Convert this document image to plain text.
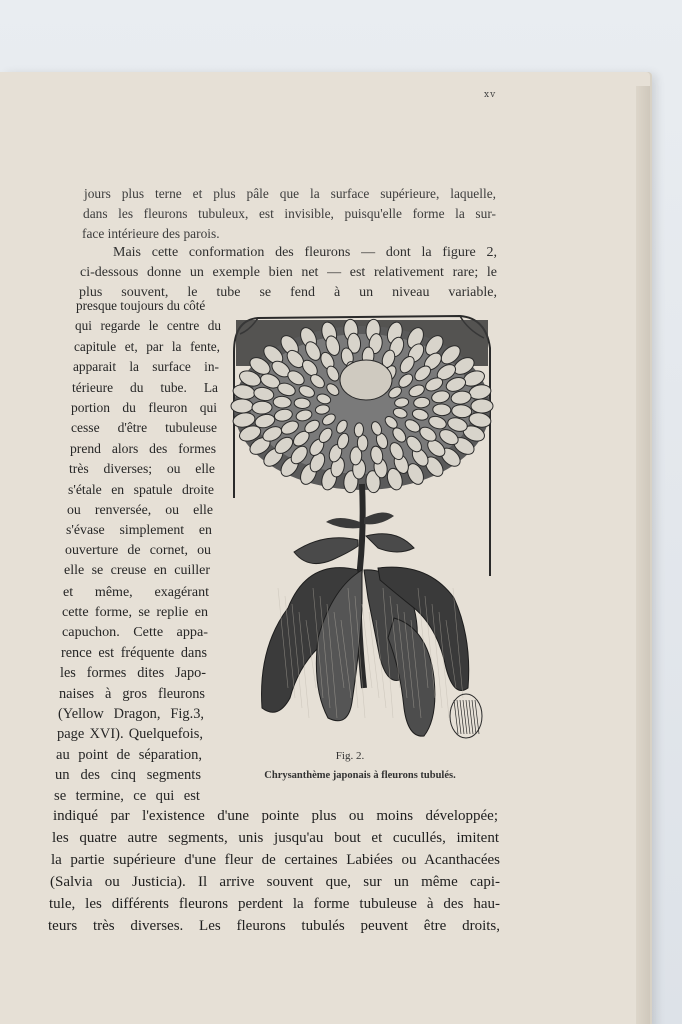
xv
jours plus terne et plus pâle que la surface supérieure, laquelle,
dans les fleurons tubuleux, est invisible, puisqu'elle forme la sur-
face intérieure des parois.
Mais cette conformation des fleurons — dont la figure 2,
ci-dessous donne un exemple bien net — est relativement rare; le
plus souvent, le tube se fend à un niveau variable,
presque toujours du côté
qui regarde le centre du
capitule et, par la fente,
apparait la surface in-
térieure du tube. La
portion du fleuron qui
cesse d'être tubuleuse
prend alors des formes
très diverses; ou elle
s'étale en spatule droite
ou renversée, ou elle
s'évase simplement en
ouverture de cornet, ou
elle se creuse en cuiller
et même, exagérant
cette forme, se replie en
capuchon. Cette appa-
rence est fréquente dans
les formes dites Japo-
naises à gros fleurons
(Yellow Dragon, Fig.3,
page XVI). Quelquefois,
au point de séparation,
un des cinq segments
se termine, ce qui est
Fig. 2.
Chrysanthème japonais à fleurons tubulés.
indiqué par l'existence d'une pointe plus ou moins développée;
les quatre autre segments, unis jusqu'au bout et cucullés, imitent
la partie supérieure d'une fleur de certaines Labiées ou Acanthacées
(Salvia ou Justicia). Il arrive souvent que, sur un même capi-
tule, les différents fleurons perdent la forme tubuleuse à des hau-
teurs très diverses. Les fleurons tubulés peuvent être droits,
